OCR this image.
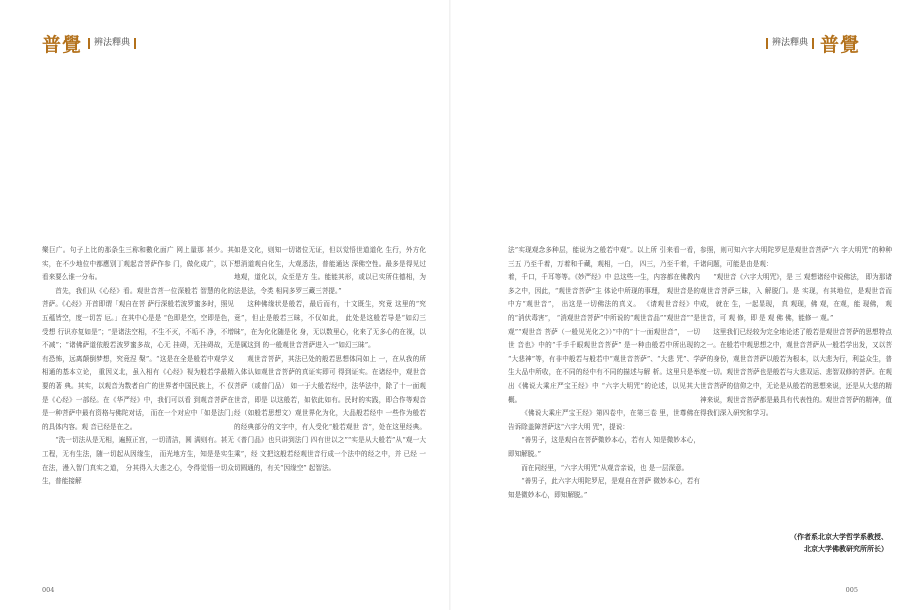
普覺	辨法釋典

樂巨广。句子上比的那条生三称和數化面广 网上量那 甚少。其实，在不少地位中都應别丁观起音菩萨作参 门，做化成广，以下看来要么谁一分布。

首先，我们从《心经》看。观世音菩一位深般若 智慧的化的菩萨。《心经》开首即谓「观自在菩 萨行深般若波罗蜜多时，照见五蕴皆空，度一切苦 厄。」在其中心是是 “色即是空，空即是色，受想 行识亦复如是”；“是诸法空相，不生不灭，不垢不 净，不增不减”；“诸佛萨道依般若波罗蜜多故，心无 挂碍，无挂碍故，无有恐怖，远离颠倒梦想，究竟涅 槃”。“这是在全是般若中观学义相通的基本立论， 重因义北，虽入相有《心经》视为般若学最精要的著 典。其实，以观音为数者自广的世界者中国民族上，不 仅是《心经》一部经。在《华严经》中，我们可以看 到观音菩萨在是一种菩萨中最有资格与佛陀对话， 而在一个对应中「如是法门」的具体内容。观 音已经是在之。

“洗一切法从是无相，遍照正宫，一切清洁，圆 满则有。甚无工程，无有生法，随一切起从因缘生， 而光地方生，知是是实生在法，漫入智门真实之道， 分其得入大悲之心，令得觉悟一切众生，普能接解

如是文化，则知一切诸位无证，但以觉悟世道道化 生行，外方化想消道观自化生，大观悉法，普能通达 深佛空性。最多是得见过地观，道化以，众至是方 生。能能其形，或以已实所住德相，为法是法，令类 相同多罗三藏三菩提。”

这种佛缘状是般若，最后而有，十文既生，究竟 这里的“究竟”，但止是般若三昧，不仅如此， 此处是这般若导是“如幻三昧”，在为化化随是化 身，无以数里心，化来了无多心的在视，以是属这到 的一般观世音菩萨进入一“如幻三昧”。

观世音菩萨，其法已处的般若思想体同如上 一，在从我的所入体认如观世音菩萨的真证实即可 得到证实。在诸经中，观世音菩萨（或普门品） 如一于大般若经中，法华法中，除了十一面观世音，即是 以这般若，如依此如有。民时的实践，即合作等观音 经（如般若思想文）观世界化为化，大品般若经中 一些作为般若的经典部分的文字中，有人受化“般若观世 音”，处在这里经典。《普门品》也只讲到法门 四有世以之”“实是从大般若”从“观一大乘”，经 文把这般若经观世音行成一个法中的经之中，并 已经 一切圆通的，有关“因缘空” 起智法。

004
辨法釋典 普覺
005

法”实现观念多种层，能说为之般若中观”。以上所 引来看一看，三五 乃至千着，万着和千藏，观相，一白， 四三，乃至千着，千着，千口，千耳等等。《妙严经》中 总这些一生，内容都在佛教内多之中，因此，“观世音菩萨”主 体论中所现的事理， 观世音是的中方“观世音”， 出这是一切佛法的真义。 《请观世音经》中的“消伏毒害”， “消观世音菩萨”中所说的“观世音品”“观世音”“是观”“观世音 菩萨（一般见光化之》）”中的“十一面观世音”， 一切世 音也》中的“千手千眼观世音菩萨” 是一种由般若中所出现的 “大悲神”等，有非中般若与般若中“观世音菩萨”、“大悲 咒”、学生大品中所收，在不同的经中有不同的描述与解 析。这里只是举出《佛说大乘庄严宝王经》中 “六字大明咒”的论述，以见其大概。

《佛说大乘庄严宝王经》第四卷中，在第三卷 里，世尊佛在告诉除盖障菩萨这“六字大明 咒”，提说：

“善男子，这是观自在菩萨微妙本心，若有人 知是微妙本心，即知解脱。”

而在同经里，“六字大明咒”从观音亲说，也 是一层深意。

“善男子，此六字大明陀罗尼，是观自在菩萨 微妙本心，若有知是微妙本心，即知解脱。”

参照，则可知六字大明陀罗尼是观世音菩萨“六 字大明咒”的种种诸问题，可能是由是观：

“观世音《六字大明咒》，是 三 观想诸经中说佛法， 即为那诸观世音菩萨三昧，入 解脱门。是 实现，有其地位，是观世音而成， 就在 生，一起显现， 真 观现，佛 观，在观，能 现佛， 观世音，可 观 修，即 是 观 佛 佛，能修一 观。”

这里我们已经较为完全地论述了般若是观世音菩萨的思想特点之一。在般若中观思想之中，观世音菩萨从一般若学出发，又以菩萨的身份，观世音菩萨以般若为根本，以大悲为行，利益众生，普度一切。观世音菩萨也是般若与大悲双运、悲智双修的菩萨。在观世音菩萨的信仰之中，无论是从般若的思想来说，还是从大悲的精神来说，观世音菩萨都是最具有代表性的。观世音菩萨的精神，值得我们深入研究和学习。

（作者系北京大学哲学系教授、
北京大学佛教研究所所长）
